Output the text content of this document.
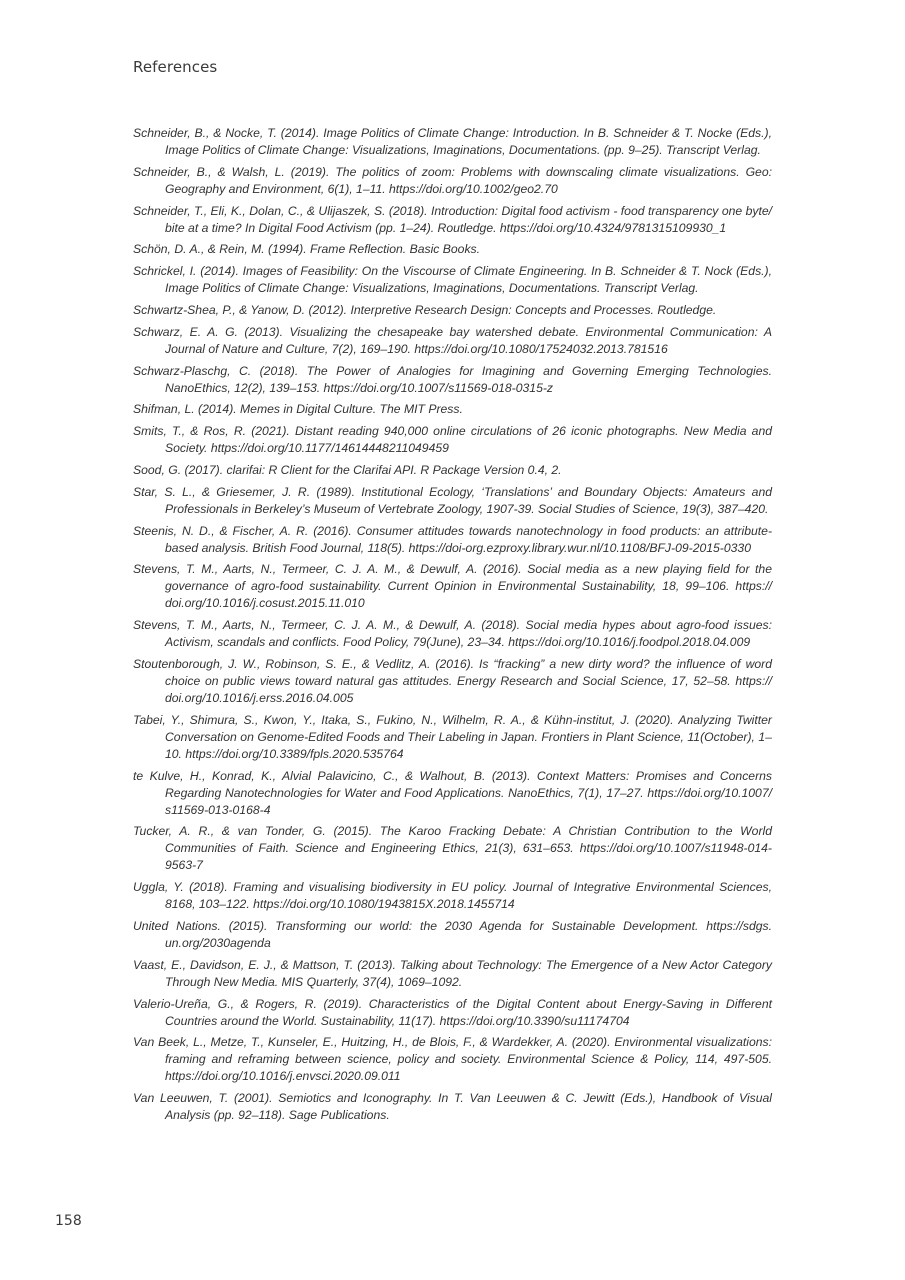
References
Schneider, B., & Nocke, T. (2014). Image Politics of Climate Change: Introduction. In B. Schneider & T. Nocke (Eds.), Image Politics of Climate Change: Visualizations, Imaginations, Documentations. (pp. 9–25). Transcript Verlag.
Schneider, B., & Walsh, L. (2019). The politics of zoom: Problems with downscaling climate visualizations. Geo: Geography and Environment, 6(1), 1–11. https://doi.org/10.1002/geo2.70
Schneider, T., Eli, K., Dolan, C., & Ulijaszek, S. (2018). Introduction: Digital food activism - food transparency one byte/ bite at a time? In Digital Food Activism (pp. 1–24). Routledge. https://doi.org/10.4324/9781315109930_1
Schön, D. A., & Rein, M. (1994). Frame Reflection. Basic Books.
Schrickel, I. (2014). Images of Feasibility: On the Viscourse of Climate Engineering. In B. Schneider & T. Nock (Eds.), Image Politics of Climate Change: Visualizations, Imaginations, Documentations. Transcript Verlag.
Schwartz-Shea, P., & Yanow, D. (2012). Interpretive Research Design: Concepts and Processes. Routledge.
Schwarz, E. A. G. (2013). Visualizing the chesapeake bay watershed debate. Environmental Communication: A Journal of Nature and Culture, 7(2), 169–190. https://doi.org/10.1080/17524032.2013.781516
Schwarz-Plaschg, C. (2018). The Power of Analogies for Imagining and Governing Emerging Technologies. NanoEthics, 12(2), 139–153. https://doi.org/10.1007/s11569-018-0315-z
Shifman, L. (2014). Memes in Digital Culture. The MIT Press.
Smits, T., & Ros, R. (2021). Distant reading 940,000 online circulations of 26 iconic photographs. New Media and Society. https://doi.org/10.1177/14614448211049459
Sood, G. (2017). clarifai: R Client for the Clarifai API. R Package Version 0.4, 2.
Star, S. L., & Griesemer, J. R. (1989). Institutional Ecology, ‘Translations’ and Boundary Objects: Amateurs and Professionals in Berkeley’s Museum of Vertebrate Zoology, 1907-39. Social Studies of Science, 19(3), 387–420.
Steenis, N. D., & Fischer, A. R. (2016). Consumer attitudes towards nanotechnology in food products: an attribute-based analysis. British Food Journal, 118(5). https://doi-org.ezproxy.library.wur.nl/10.1108/BFJ-09-2015-0330
Stevens, T. M., Aarts, N., Termeer, C. J. A. M., & Dewulf, A. (2016). Social media as a new playing field for the governance of agro-food sustainability. Current Opinion in Environmental Sustainability, 18, 99–106. https:// doi.org/10.1016/j.cosust.2015.11.010
Stevens, T. M., Aarts, N., Termeer, C. J. A. M., & Dewulf, A. (2018). Social media hypes about agro-food issues: Activism, scandals and conflicts. Food Policy, 79(June), 23–34. https://doi.org/10.1016/j.foodpol.2018.04.009
Stoutenborough, J. W., Robinson, S. E., & Vedlitz, A. (2016). Is “fracking” a new dirty word? the influence of word choice on public views toward natural gas attitudes. Energy Research and Social Science, 17, 52–58. https:// doi.org/10.1016/j.erss.2016.04.005
Tabei, Y., Shimura, S., Kwon, Y., Itaka, S., Fukino, N., Wilhelm, R. A., & Kühn-institut, J. (2020). Analyzing Twitter Conversation on Genome-Edited Foods and Their Labeling in Japan. Frontiers in Plant Science, 11(October), 1–10. https://doi.org/10.3389/fpls.2020.535764
te Kulve, H., Konrad, K., Alvial Palavicino, C., & Walhout, B. (2013). Context Matters: Promises and Concerns Regarding Nanotechnologies for Water and Food Applications. NanoEthics, 7(1), 17–27. https://doi.org/10.1007/ s11569-013-0168-4
Tucker, A. R., & van Tonder, G. (2015). The Karoo Fracking Debate: A Christian Contribution to the World Communities of Faith. Science and Engineering Ethics, 21(3), 631–653. https://doi.org/10.1007/s11948-014-9563-7
Uggla, Y. (2018). Framing and visualising biodiversity in EU policy. Journal of Integrative Environmental Sciences, 8168, 103–122. https://doi.org/10.1080/1943815X.2018.1455714
United Nations. (2015). Transforming our world: the 2030 Agenda for Sustainable Development. https://sdgs. un.org/2030agenda
Vaast, E., Davidson, E. J., & Mattson, T. (2013). Talking about Technology: The Emergence of a New Actor Category Through New Media. MIS Quarterly, 37(4), 1069–1092.
Valerio-Ureña, G., & Rogers, R. (2019). Characteristics of the Digital Content about Energy-Saving in Different Countries around the World. Sustainability, 11(17). https://doi.org/10.3390/su11174704
Van Beek, L., Metze, T., Kunseler, E., Huitzing, H., de Blois, F., & Wardekker, A. (2020). Environmental visualizations: framing and reframing between science, policy and society. Environmental Science & Policy, 114, 497-505. https://doi.org/10.1016/j.envsci.2020.09.011
Van Leeuwen, T. (2001). Semiotics and Iconography. In T. Van Leeuwen & C. Jewitt (Eds.), Handbook of Visual Analysis (pp. 92–118). Sage Publications.
158
